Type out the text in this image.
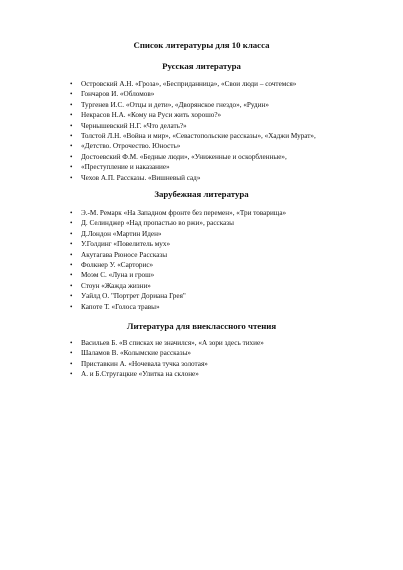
Список литературы для 10 класса
Русская литература
• Островский А.Н. «Гроза», «Бесприданница», «Свои люди – сочтемся»
• Гончаров И. «Обломов»
• Тургенев И.С. «Отцы и дети», «Дворянское гнездо», «Рудин»
• Некрасов Н.А. «Кому на Руси жить хорошо?»
• Чернышевский Н.Г. «Что делать?»
• Толстой Л.Н. «Война и мир», «Севастопольские рассказы», «Хаджи Мурат»,
• «Детство. Отрочество. Юность»
• Достоевский Ф.М. «Бедные люди», «Униженные и оскорбленные»,
• «Преступление и наказание»
• Чехов А.П. Рассказы. «Вишневый сад»
Зарубежная литература
• Э.-М. Ремарк «На Западном фронте без перемен», «Три товарища»
• Д. Селинджер «Над пропастью во ржи», рассказы
• Д.Лондон «Мартин Иден»
• У.Голдинг «Повелитель мух»
• Акутагава Рюносе Рассказы
• Фолкнер У. «Сарторис»
• Моэм С. «Луна и грош»
• Стоун «Жажда жизни»
• Уайлд О. "Портрет Дориана Грея"
• Капоте Т. «Голоса травы»
Литература для внеклассного чтения
• Васильев Б. «В списках не значился», «А зори здесь тихие»
• Шаламов В. «Колымские рассказы»
• Приставкин А. «Ночевала тучка золотая»
• А. и Б.Стругацкие «Улитка на склоне»
